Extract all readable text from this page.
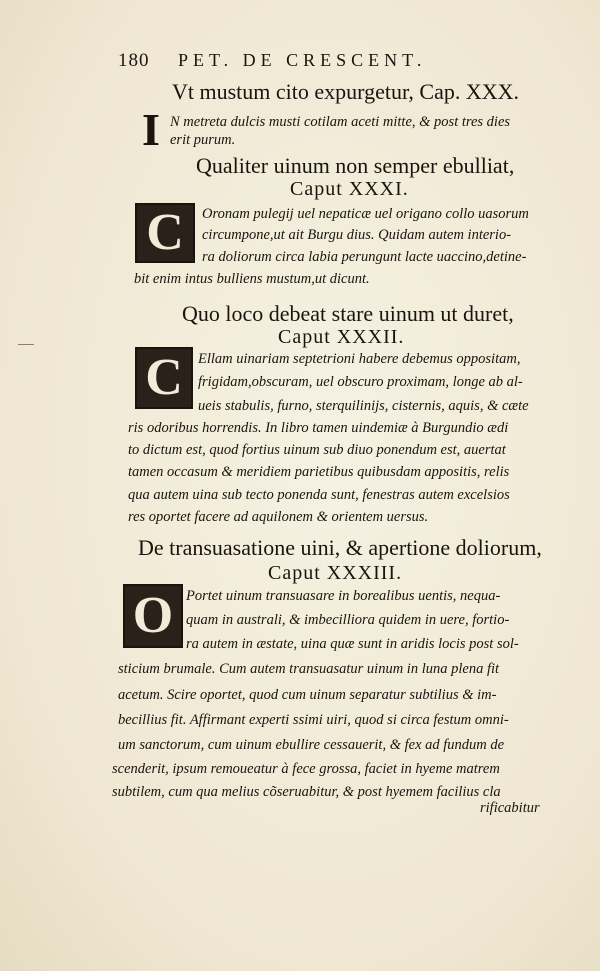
180	PET. DE CRESCENT.
Vt mustum cito expurgetur, Cap. XXX.
I N metreta dulcis musti cotilam aceti mitte, & post tres dies
erit purum.
Qualiter uinum non semper ebulliat,
Caput XXXI.
C Oronam pulegij uel nepaticæ uel origano collo uasorum
circumpone,ut ait Burgu dius. Quidam autem interio-
ra doliorum circa labia perungunt lacte uaccino,detine-
bit enim intus bulliens mustum,ut dicunt.
Quo loco debeat stare uinum ut duret,
Caput XXXII.
C Ellam uinariam septetrioni habere debemus oppositam,
frigidam,obscuram, uel obscuro proximam, longe ab al-
ueis stabulis, furno, sterquilinijs, cisternis, aquis, & cæte
ris odoribus horrendis. In libro tamen uindemiæ à Burgundio ædi
to dictum est, quod fortius uinum sub diuo ponendum est, auertat
tamen occasum & meridiem parietibus quibusdam appositis, relis
qua autem uina sub tecto ponenda sunt, fenestras autem excelsios
res oportet facere ad aquilonem & orientem uersus.
De transuasatione uini, & apertione doliorum,
Caput XXXIII.
O Portet uinum transuasare in borealibus uentis, nequa-
quam in australi, & imbecilliora quidem in uere, fortio-
ra autem in æstate, uina quæ sunt in aridis locis post sol-
sticium brumale. Cum autem transuasatur uinum in luna plena fit
acetum. Scire oportet, quod cum uinum separatur subtilius & im-
becillius fit. Affirmant experti ssimi uiri, quod si circa festum omni-
um sanctorum, cum uinum ebullire cessauerit, & fex ad fundum de
scenderit, ipsum remoueatur à fece grossa, faciet in hyeme matrem
subtilem, cum qua melius cõseruabitur, & post hyemem facilius cla
rificabitur
